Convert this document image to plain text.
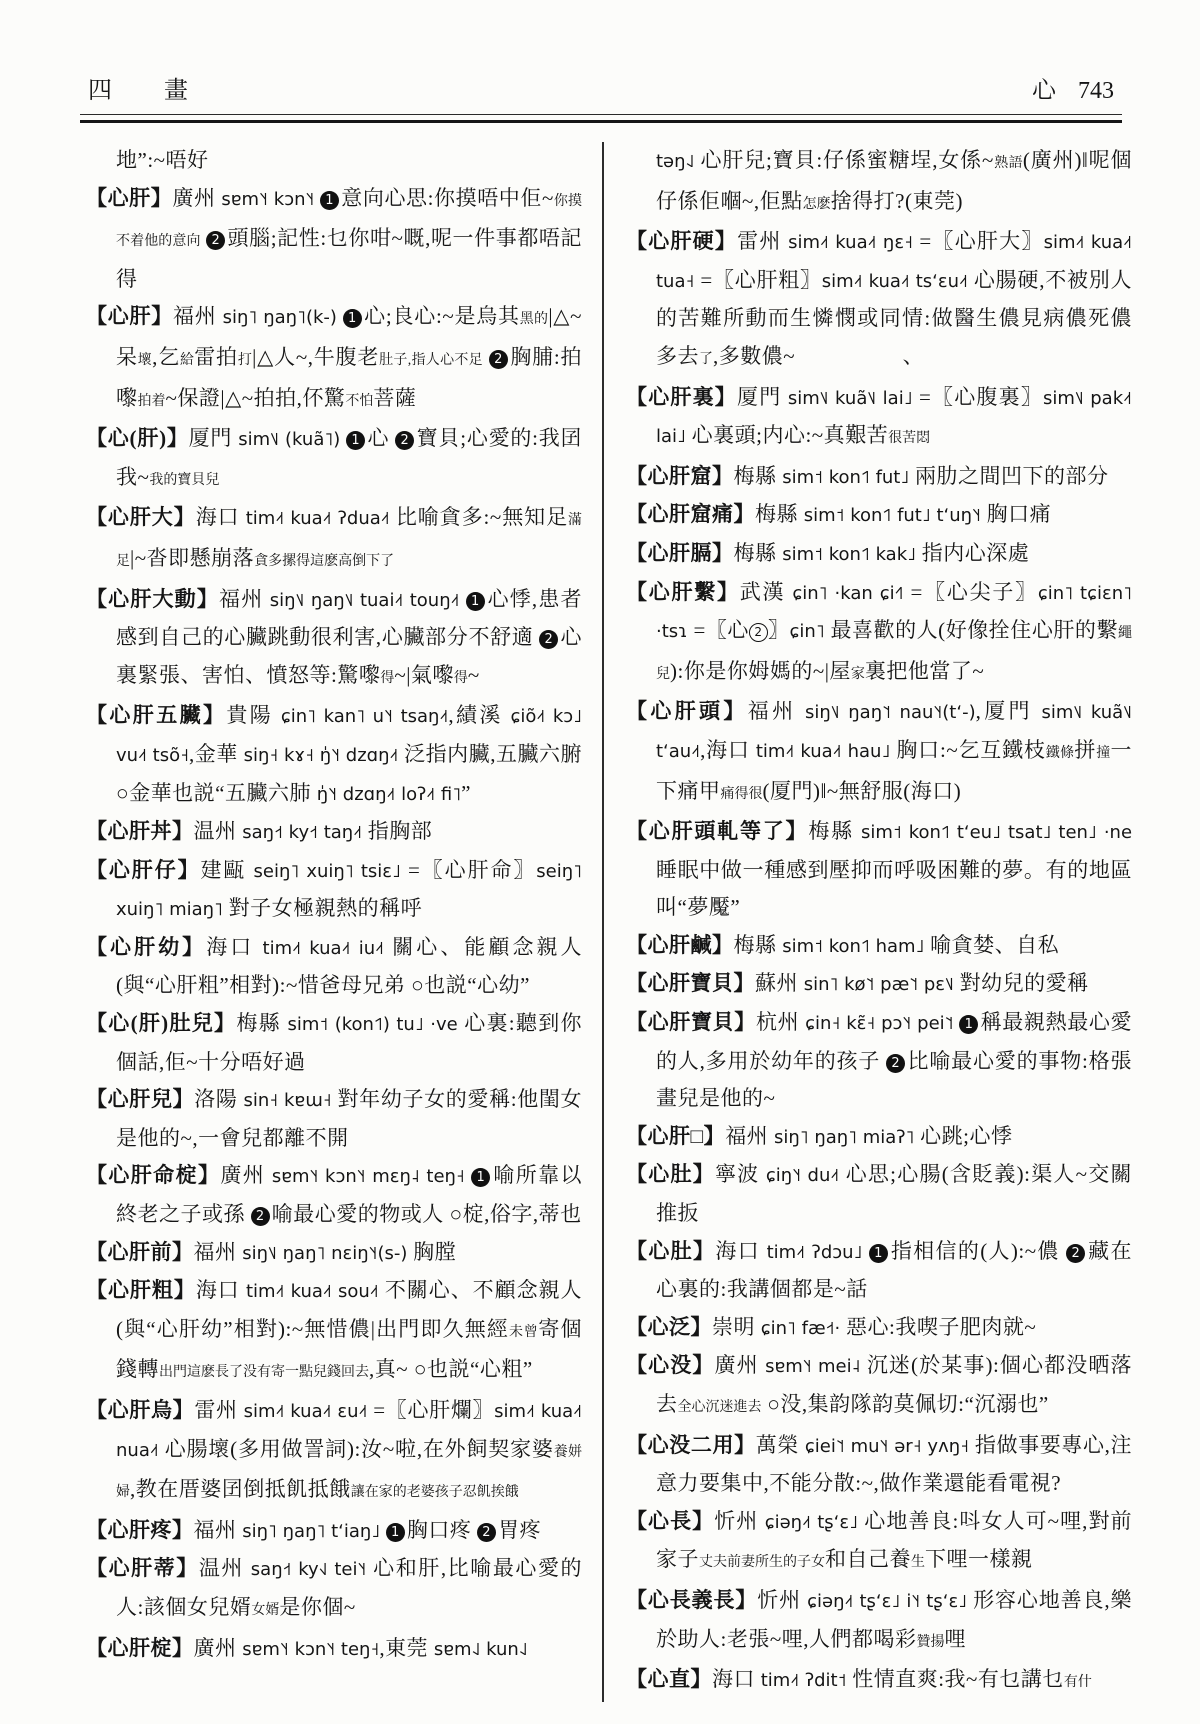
四　畫	心 743
地”:~唔好
【心肝】廣州 sɐm˥˧ kɔn˥˧ 1 意向心思:你摸唔中佢~你摸不着他的意向 2 頭腦;記性:乜你咁~嘅,呢一件事都唔記得
【心肝】福州 siŋ˥ ŋaŋ˥(k-) 1 心;良心:~是烏其黑的|△~呆壞,乞給雷拍打|△人~,牛腹老肚子,指人心不足 2 胸脯:拍嚟拍着~保證|△~拍拍,伓驚不怕菩薩
【心(肝)】厦門 sim˥˩ (kuã˥) 1 心 2 寶貝;心愛的:我囝我~我的寶貝兒
【心肝大】海口 tim˨˦ kua˨˦ ʔdua˨˦ 比喻貪多:~無知足滿足|~沓即懸崩落貪多摞得這麽高倒下了
【心肝大動】福州 siŋ˥˩ ŋaŋ˥˩ tuai˨˦ touŋ˨˦ 1 心悸,患者感到自己的心臟跳動很利害,心臟部分不舒適 2 心裏緊張、害怕、憤怒等:驚嚟得~|氣嚟得~
【心肝五臟】貴陽 ɕin˥ kan˥ u˥˧ tsaŋ˨˦,績溪 ɕiõ˨˦ kɔ˩ vu˨˦ tsõ˧,金華 siŋ˧ kɤ˧ ŋ̍˥˧ dzɑŋ˨˦ 泛指内臟,五臟六腑 ○金華也説“五臟六肺 ŋ̍˥˧ dzɑŋ˨˦ loʔ˨˦ fi˥”
【心肝丼】温州 saŋ˧˦ ky˧˦ taŋ˨˦ 指胸部
【心肝仔】建甌 seiŋ˥ xuiŋ˥ tsiɛ˩ =〖心肝命〗seiŋ˥ xuiŋ˥ miaŋ˥ 對子女極親熱的稱呼
【心肝幼】海口 tim˨˦ kua˨˦ iu˨˦ 關心、能顧念親人(與“心肝粗”相對):~惜爸母兄弟 ○也説“心幼”
【心(肝)肚兒】梅縣 sim˦ (kon˦˥) tu˩ ·ve 心裏:聽到你個話,佢~十分唔好過
【心肝兒】洛陽 sin˧ kɐɯ˧ 對年幼子女的愛稱:他閨女是他的~,一會兒都離不開
【心肝命椗】廣州 sɐm˥˧ kɔn˥˧ mɛŋ˨ teŋ˧ 1 喻所靠以終老之子或孫 2 喻最心愛的物或人 ○椗,俗字,蒂也
【心肝前】福州 siŋ˥˩ ŋaŋ˥ nɛiŋ˥˧(s-) 胸膛
【心肝粗】海口 tim˨˦ kua˨˦ sou˨˦ 不關心、不顧念親人(與“心肝幼”相對):~無惜儂|出門即久無經未曾寄個錢轉出門這麽長了没有寄一點兒錢回去,真~ ○也説“心粗”
【心肝烏】雷州 sim˨˦ kua˨˦ ɛu˨˦ =〖心肝爛〗sim˨˦ kua˨˦ nua˨˦ 心腸壞(多用做詈詞):汝~啦,在外飼契家婆養姘婦,教在厝婆囝倒抵飢抵餓讓在家的老婆孩子忍飢挨餓
【心肝疼】福州 siŋ˥ ŋaŋ˥ tʻiaŋ˩ 1 胸口疼 2 胃疼
【心肝蒂】温州 saŋ˧˦ ky˧˩ tei˥˧ 心和肝,比喻最心愛的人:該個女兒婿女婿是你個~
【心肝椗】廣州 sɐm˥˧ kɔn˥˧ teŋ˧,東莞 sɐm˨˩ kun˨˩
təŋ˨˩ 心肝兒;寶貝:仔係蜜糖埕,女係~熟語(廣州)‖呢個仔係佢嗰~,佢點怎麽捨得打?(東莞)
【心肝硬】雷州 sim˨˦ kua˨˦ ŋɛ˧ =〖心肝大〗sim˨˦ kua˨˦ tua˧ =〖心肝粗〗sim˨˦ kua˨˦ tsʻɛu˨˦ 心腸硬,不被別人的苦難所動而生憐憫或同情:做醫生儂見病儂死儂多去了,多數儂~　　　　　、
【心肝裏】厦門 sim˥˩ kuã˥˩ lai˩ =〖心腹裏〗sim˥˩ pak˨˦ lai˩ 心裏頭;内心:~真艱苦很苦悶
【心肝窟】梅縣 sim˦ kon˦˥ fut˩ 兩肋之間凹下的部分
【心肝窟痛】梅縣 sim˦ kon˦˥ fut˩ tʻuŋ˥˧ 胸口痛
【心肝膈】梅縣 sim˦ kon˦˥ kak˩ 指内心深處
【心肝繫】武漢 ɕin˥ ·kan ɕi˧˥ =〖心尖子〗ɕin˥ tɕiɛn˥ ·tsɿ =〖心 2 〗ɕin˥ 最喜歡的人(好像拴住心肝的繫繩兒):你是你姆媽的~|屋家裏把他當了~
【心肝頭】福州 siŋ˥˩ ŋaŋ˥˦ nau˥˧(tʻ-),厦門 sim˥˩ kuã˥˩ tʻau˨˦,海口 tim˨˦ kua˨˦ hau˩ 胸口:~乞互鐵枝鐵條拼撞一下痛甲痛得很(厦門)‖~無舒服(海口)
【心肝頭軋等了】梅縣 sim˦ kon˦˥ tʻeu˩ tsat˩ ten˩ ·ne 睡眠中做一種感到壓抑而呼吸困難的夢。有的地區叫“夢魘”
【心肝鹹】梅縣 sim˦ kon˦˥ ham˩ 喻貪婪、自私
【心肝寶貝】蘇州 sin˥ kø˥˦ pæ˥˦ pɛ˥˩ 對幼兒的愛稱
【心肝寶貝】杭州 ɕin˧ kɛ̃˧ pɔ˥˧ pei˥˦ 1 稱最親熱最心愛的人,多用於幼年的孩子 2 比喻最心愛的事物:格張畫兒是他的~
【心肝□】福州 siŋ˥ ŋaŋ˥ miaʔ˥ 心跳;心悸
【心肚】寧波 ɕiŋ˥˧ du˨˦ 心思;心腸(含貶義):渠人~交關推扳
【心肚】海口 tim˨˦ ʔdɔu˩ 1 指相信的(人):~儂 2 藏在心裏的:我講個都是~話
【心泛】崇明 ɕin˥ fæ˧˦· 惡心:我喫子肥肉就~
【心没】廣州 sɐm˥˧ mei˨ 沉迷(於某事):個心都没晒落去全心沉迷進去 ○没,集韵隊韵莫佩切:“沉溺也”
【心没二用】萬榮 ɕiei˥˦ mu˥˧ ər˧ yʌŋ˧ 指做事要專心,注意力要集中,不能分散:~,做作業還能看電視?
【心長】忻州 ɕiəŋ˨˦ tʂʻɛ˩ 心地善良:呌女人可~哩,對前家子丈夫前妻所生的子女和自己養生下哩一樣親
【心長義長】忻州 ɕiəŋ˨˦ tʂʻɛ˩ i˥˧ tʂʻɛ˩ 形容心地善良,樂於助人:老張~哩,人們都喝彩贊揚哩
【心直】海口 tim˨˦ ʔdit˦ 性情直爽:我~有乜講乜有什
